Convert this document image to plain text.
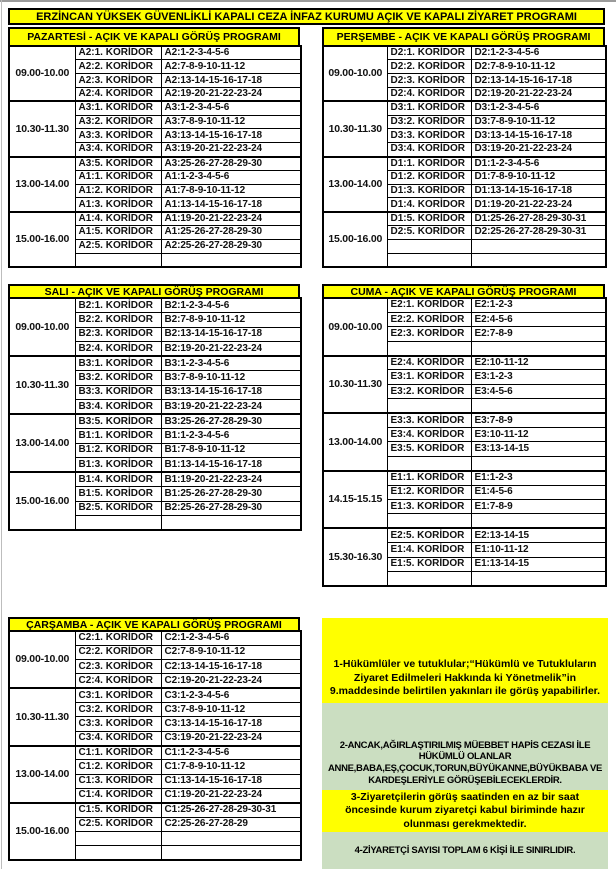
ERZİNCAN YÜKSEK GÜVENLİKLİ KAPALI CEZA İNFAZ KURUMU AÇIK VE KAPALI ZİYARET PROGRAMI
PAZARTESİ - AÇIK VE KAPALI GÖRÜŞ PROGRAMI
09.00-10.00	A2:1. KORİDOR	A2:1-2-3-4-5-6
	A2:2. KORİDOR	A2:7-8-9-10-11-12
	A2:3. KORİDOR	A2:13-14-15-16-17-18
	A2:4. KORİDOR	A2:19-20-21-22-23-24
10.30-11.30	A3:1. KORİDOR	A3:1-2-3-4-5-6
	A3:2. KORİDOR	A3:7-8-9-10-11-12
	A3:3. KORİDOR	A3:13-14-15-16-17-18
	A3:4. KORİDOR	A3:19-20-21-22-23-24
13.00-14.00	A3:5. KORİDOR	A3:25-26-27-28-29-30
	A1:1. KORİDOR	A1:1-2-3-4-5-6
	A1:2. KORİDOR	A1:7-8-9-10-11-12
	A1:3. KORİDOR	A1:13-14-15-16-17-18
15.00-16.00	A1:4. KORİDOR	A1:19-20-21-22-23-24
	A1:5. KORİDOR	A1:25-26-27-28-29-30
	A2:5. KORİDOR	A2:25-26-27-28-29-30

PERŞEMBE - AÇIK VE KAPALI GÖRÜŞ PROGRAMI
09.00-10.00	D2:1. KORİDOR	D2:1-2-3-4-5-6
	D2:2. KORİDOR	D2:7-8-9-10-11-12
	D2:3. KORİDOR	D2:13-14-15-16-17-18
	D2:4. KORİDOR	D2:19-20-21-22-23-24
10.30-11.30	D3:1. KORİDOR	D3:1-2-3-4-5-6
	D3:2. KORİDOR	D3:7-8-9-10-11-12
	D3:3. KORİDOR	D3:13-14-15-16-17-18
	D3:4. KORİDOR	D3:19-20-21-22-23-24
13.00-14.00	D1:1. KORİDOR	D1:1-2-3-4-5-6
	D1:2. KORİDOR	D1:7-8-9-10-11-12
	D1:3. KORİDOR	D1:13-14-15-16-17-18
	D1:4. KORİDOR	D1:19-20-21-22-23-24
15.00-16.00	D1:5. KORİDOR	D1:25-26-27-28-29-30-31
	D2:5. KORİDOR	D2:25-26-27-28-29-30-31

SALI - AÇIK VE KAPALI GÖRÜŞ PROGRAMI
09.00-10.00	B2:1. KORİDOR	B2:1-2-3-4-5-6
	B2:2. KORİDOR	B2:7-8-9-10-11-12
	B2:3. KORİDOR	B2:13-14-15-16-17-18
	B2:4. KORİDOR	B2:19-20-21-22-23-24
10.30-11.30	B3:1. KORİDOR	B3:1-2-3-4-5-6
	B3:2. KORİDOR	B3:7-8-9-10-11-12
	B3:3. KORİDOR	B3:13-14-15-16-17-18
	B3:4. KORİDOR	B3:19-20-21-22-23-24
13.00-14.00	B3:5. KORİDOR	B3:25-26-27-28-29-30
	B1:1. KORİDOR	B1:1-2-3-4-5-6
	B1:2. KORİDOR	B1:7-8-9-10-11-12
	B1:3. KORİDOR	B1:13-14-15-16-17-18
15.00-16.00	B1:4. KORİDOR	B1:19-20-21-22-23-24
	B1:5. KORİDOR	B1:25-26-27-28-29-30
	B2:5. KORİDOR	B2:25-26-27-28-29-30

CUMA - AÇIK VE KAPALI GÖRÜŞ PROGRAMI
09.00-10.00	E2:1. KORİDOR	E2:1-2-3
	E2:2. KORİDOR	E2:4-5-6
	E2:3. KORİDOR	E2:7-8-9

10.30-11.30	E2:4. KORİDOR	E2:10-11-12
	E3:1. KORİDOR	E3:1-2-3
	E3:2. KORİDOR	E3:4-5-6

13.00-14.00	E3:3. KORİDOR	E3:7-8-9
	E3:4. KORİDOR	E3:10-11-12
	E3:5. KORİDOR	E3:13-14-15

14.15-15.15	E1:1. KORİDOR	E1:1-2-3
	E1:2. KORİDOR	E1:4-5-6
	E1:3. KORİDOR	E1:7-8-9

15.30-16.30	E2:5. KORİDOR	E2:13-14-15
	E1:4. KORİDOR	E1:10-11-12
	E1:5. KORİDOR	E1:13-14-15

ÇARŞAMBA - AÇIK VE KAPALI GÖRÜŞ PROGRAMI
09.00-10.00	C2:1. KORİDOR	C2:1-2-3-4-5-6
	C2:2. KORİDOR	C2:7-8-9-10-11-12
	C2:3. KORİDOR	C2:13-14-15-16-17-18
	C2:4. KORİDOR	C2:19-20-21-22-23-24
10.30-11.30	C3:1. KORİDOR	C3:1-2-3-4-5-6
	C3:2. KORİDOR	C3:7-8-9-10-11-12
	C3:3. KORİDOR	C3:13-14-15-16-17-18
	C3:4. KORİDOR	C3:19-20-21-22-23-24
13.00-14.00	C1:1. KORİDOR	C1:1-2-3-4-5-6
	C1:2. KORİDOR	C1:7-8-9-10-11-12
	C1:3. KORİDOR	C1:13-14-15-16-17-18
	C1:4. KORİDOR	C1:19-20-21-22-23-24
15.00-16.00	C1:5. KORİDOR	C1:25-26-27-28-29-30-31
	C2:5. KORİDOR	C2:25-26-27-28-29

1-Hükümlüler ve tutuklular;“Hükümlü ve Tutukluların Ziyaret Edilmeleri Hakkında ki Yönetmelik”in 9.maddesinde belirtilen yakınları ile görüş yapabilirler.
2-ANCAK,AĞIRLAŞTIRILMIŞ MÜEBBET HAPİS CEZASI İLE HÜKÜMLÜ OLANLAR ANNE,BABA,EŞ,ÇOCUK,TORUN,BÜYÜKANNE,BÜYÜKBABA VE KARDEŞLERİYLE GÖRÜŞEBİLECEKLERDİR.
3-Ziyaretçilerin görüş saatinden en az bir saat öncesinde kurum ziyaretçi kabul biriminde hazır olunması gerekmektedir.
4-ZİYARETÇİ SAYISI TOPLAM 6 KİŞİ İLE SINIRLIDIR.
